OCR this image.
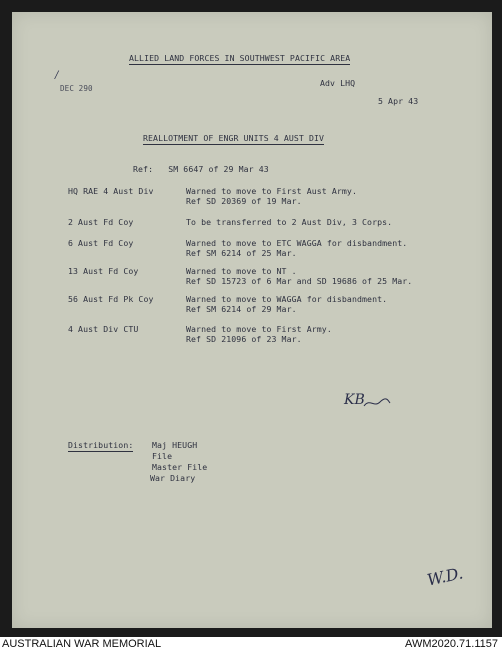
ALLIED LAND FORCES IN SOUTHWEST PACIFIC AREA
/
DEC 290
Adv LHQ
5 Apr 43
REALLOTMENT OF ENGR UNITS 4 AUST DIV
Ref:   SM 6647 of 29 Mar 43
HQ RAE 4 Aust Div	Warned to move to First Aust Army.
Ref SD 20369 of 19 Mar.
2 Aust Fd Coy	To be transferred to 2 Aust Div, 3 Corps.
6 Aust Fd Coy	Warned to move to ETC WAGGA for disbandment.
Ref SM 6214 of 25 Mar.
13 Aust Fd Coy	Warned to move to NT .
Ref SD 15723 of 6 Mar and SD 19686 of 25 Mar.
56 Aust Fd Pk Coy	Warned to move to WAGGA for disbandment.
Ref SM 6214 of 29 Mar.
4 Aust Div CTU	Warned to move to First Army.
Ref SD 21096 of 23 Mar.
KB
Distribution: Maj HEUGH
File
Master File
War Diary
W.D.
AUSTRALIAN WAR MEMORIAL	AWM2020.71.1157
